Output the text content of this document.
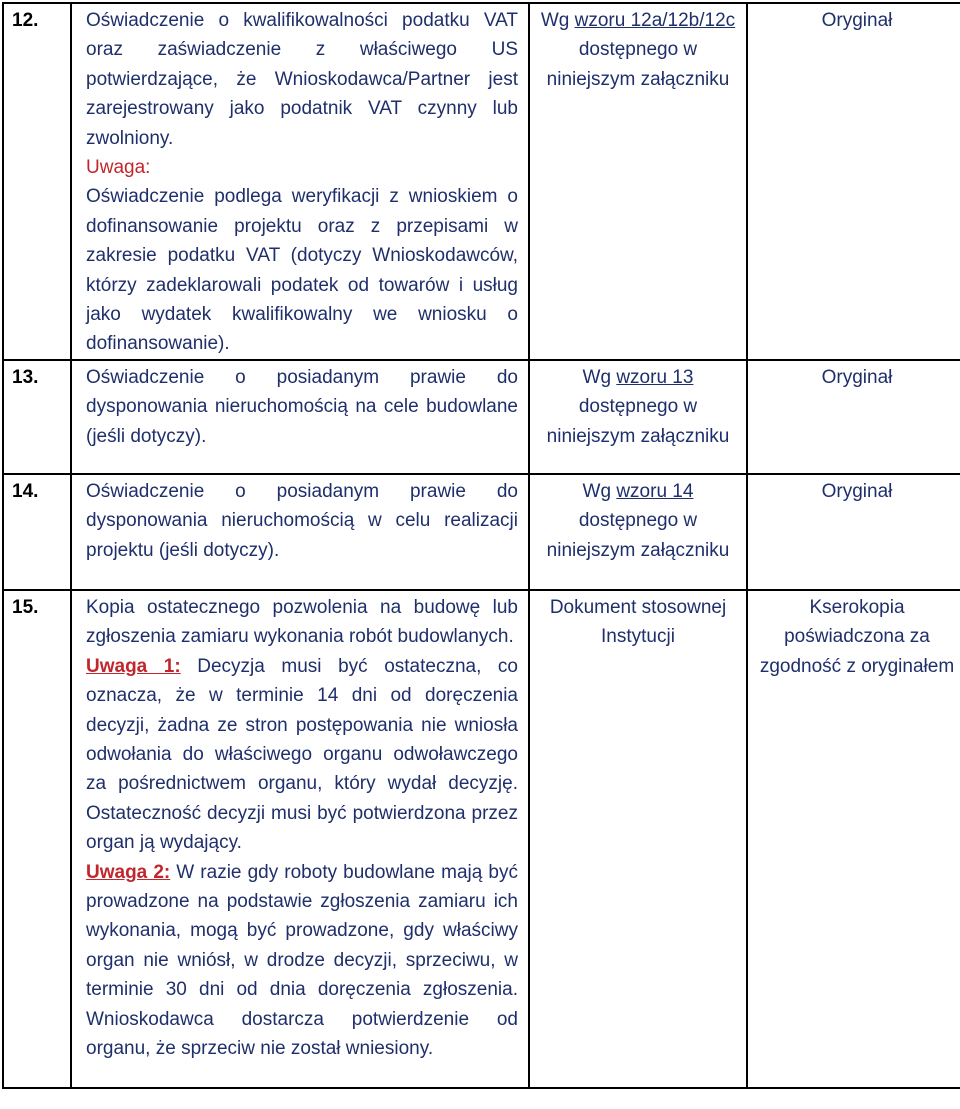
12.	Oświadczenie o kwalifikowalności podatku VAT oraz zaświadczenie z właściwego US potwierdzające, że Wnioskodawca/Partner jest zarejestrowany jako podatnik VAT czynny lub zwolniony.
Uwaga:
Oświadczenie podlega weryfikacji z wnioskiem o dofinansowanie projektu oraz z przepisami w zakresie podatku VAT (dotyczy Wnioskodawców, którzy zadeklarowali podatek od towarów i usług jako wydatek kwalifikowalny we wniosku o dofinansowanie).	Wg wzoru 12a/12b/12c
dostępnego w niniejszym załączniku	Oryginał

13.	Oświadczenie o posiadanym prawie do dysponowania nieruchomością na cele budowlane (jeśli dotyczy).	Wg wzoru 13
dostępnego w niniejszym załączniku	Oryginał

14.	Oświadczenie o posiadanym prawie do dysponowania nieruchomością w celu realizacji projektu (jeśli dotyczy).	Wg wzoru 14
dostępnego w niniejszym załączniku	Oryginał

15.	Kopia ostatecznego pozwolenia na budowę lub zgłoszenia zamiaru wykonania robót budowlanych.
Uwaga 1: Decyzja musi być ostateczna, co oznacza, że w terminie 14 dni od doręczenia decyzji, żadna ze stron postępowania nie wniosła odwołania do właściwego organu odwoławczego za pośrednictwem organu, który wydał decyzję. Ostateczność decyzji musi być potwierdzona przez organ ją wydający.
Uwaga 2: W razie gdy roboty budowlane mają być prowadzone na podstawie zgłoszenia zamiaru ich wykonania, mogą być prowadzone, gdy właściwy organ nie wniósł, w drodze decyzji, sprzeciwu, w terminie 30 dni od dnia doręczenia zgłoszenia. Wnioskodawca dostarcza potwierdzenie od organu, że sprzeciw nie został wniesiony.	Dokument stosownej Instytucji	Kserokopia poświadczona za zgodność z oryginałem
